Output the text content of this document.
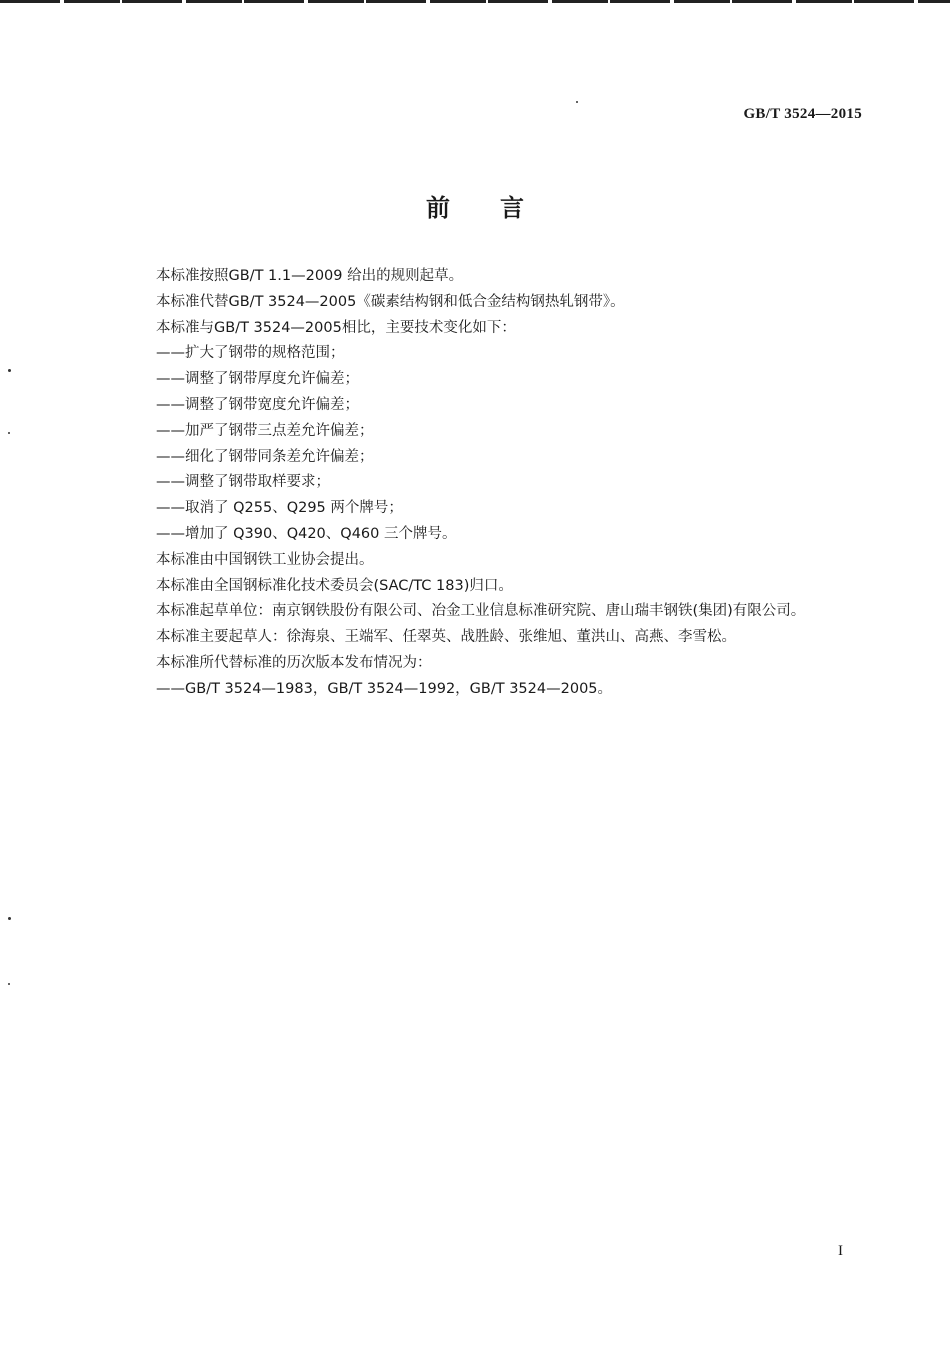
GB/T 3524—2015
前言

本标准按照GB/T 1.1—2009 给出的规则起草。

本标准代替GB/T 3524—2005《碳素结构钢和低合金结构钢热轧钢带》。

本标准与GB/T 3524—2005相比，主要技术变化如下：

——扩大了钢带的规格范围；

——调整了钢带厚度允许偏差；

——调整了钢带宽度允许偏差；

——加严了钢带三点差允许偏差；

——细化了钢带同条差允许偏差；

——调整了钢带取样要求；

——取消了 Q255、Q295 两个牌号；

——增加了 Q390、Q420、Q460 三个牌号。

本标准由中国钢铁工业协会提出。

本标准由全国钢标准化技术委员会(SAC/TC 183)归口。

本标准起草单位：南京钢铁股份有限公司、冶金工业信息标准研究院、唐山瑞丰钢铁(集团)有限公司。

本标准主要起草人：徐海泉、王端军、任翠英、战胜龄、张维旭、董洪山、高燕、李雪松。

本标准所代替标准的历次版本发布情况为：

——GB/T 3524—1983，GB/T 3524—1992，GB/T 3524—2005。

I
